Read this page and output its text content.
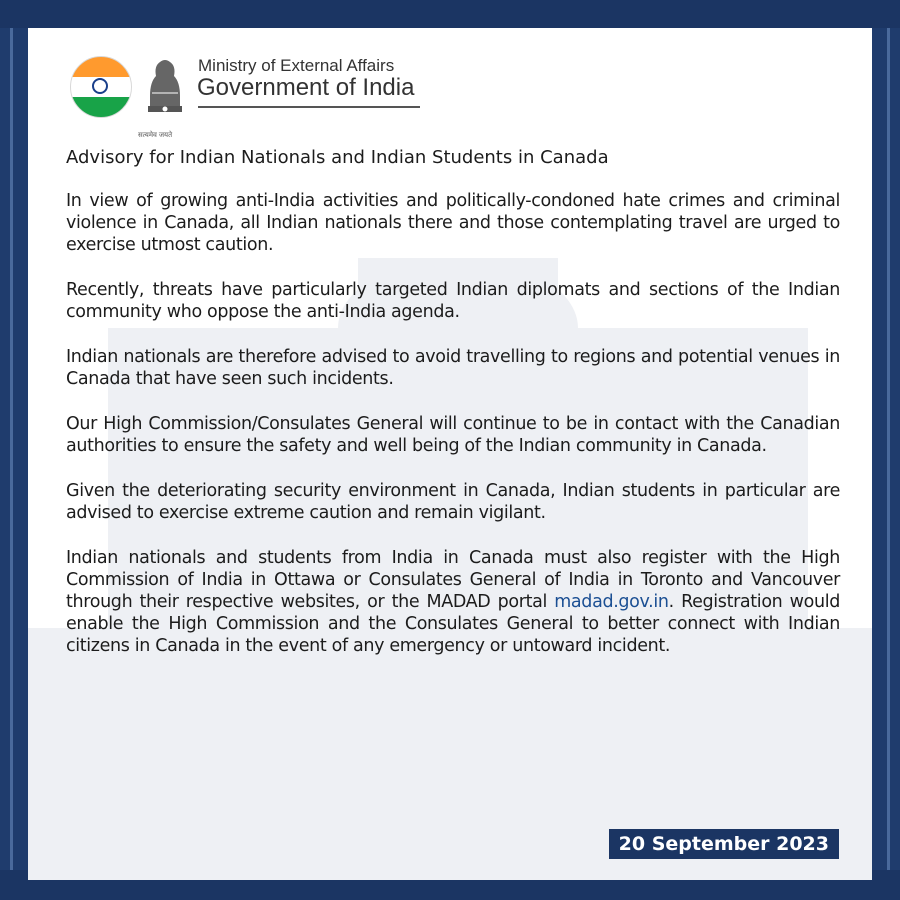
Ministry of External Affairs
Government of India
सत्यमेव जयते
Advisory for Indian Nationals and Indian Students in Canada

In view of growing anti-India activities and politically-condoned hate crimes and criminal violence in Canada, all Indian nationals there and those contemplating travel are urged to exercise utmost caution.

Recently, threats have particularly targeted Indian diplomats and sections of the Indian community who oppose the anti-India agenda.

Indian nationals are therefore advised to avoid travelling to regions and potential venues in Canada that have seen such incidents.

Our High Commission/Consulates General will continue to be in contact with the Canadian authorities to ensure the safety and well being of the Indian community in Canada.

Given the deteriorating security environment in Canada, Indian students in particular are advised to exercise extreme caution and remain vigilant.

Indian nationals and students from India in Canada must also register with the High Commission of India in Ottawa or Consulates General of India in Toronto and Vancouver through their respective websites, or the MADAD portal madad.gov.in. Registration would enable the High Commission and the Consulates General to better connect with Indian citizens in Canada in the event of any emergency or untoward incident.

20 September 2023
